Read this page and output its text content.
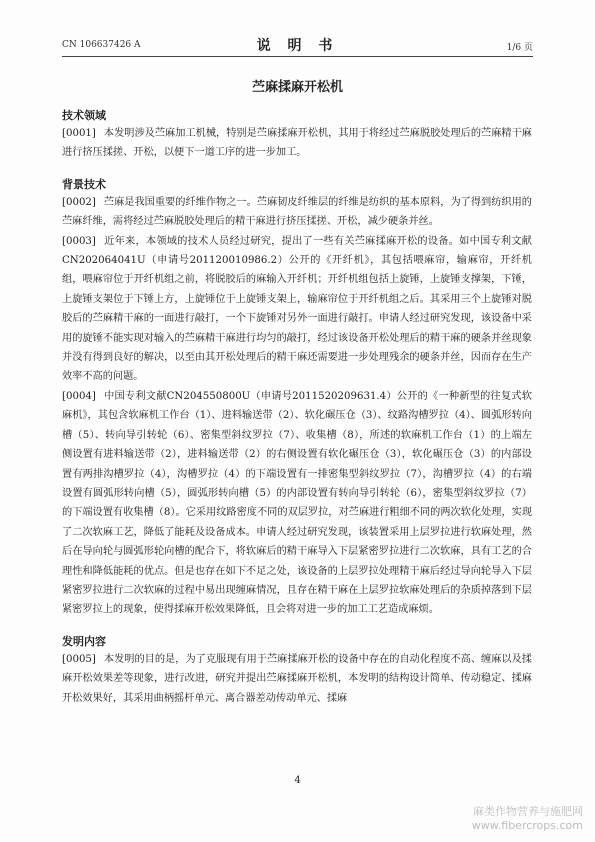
CN 106637426 A	说 明 书	1/6 页
苎麻揉麻开松机

技术领域

[0001] 本发明涉及苎麻加工机械，特别是苎麻揉麻开松机，其用于将经过苎麻脱胶处理后的苎麻精干麻进行挤压揉搓、开松，以便下一道工序的进一步加工。

背景技术

[0002] 苎麻是我国重要的纤维作物之一。苎麻韧皮纤维层的纤维是纺织的基本原料，为了得到纺织用的苎麻纤维，需将经过苎麻脱胶处理后的精干麻进行挤压揉搓、开松，减少硬条并丝。

[0003] 近年来，本领域的技术人员经过研究，提出了一些有关苎麻揉麻开松的设备。如中国专利文献CN202064041U（申请号201120010986.2）公开的《开纤机》，其包括喂麻帘，输麻帘，开纤机组，喂麻帘位于开纤机组之前，将脱胶后的麻输入开纤机；开纤机组包括上旋锤，上旋锤支撑架，下锤，上旋锤支架位于下锤上方，上旋锤位于上旋锤支架上，输麻帘位于开纤机组之后。其采用三个上旋锤对脱胶后的苎麻精干麻的一面进行敲打，一个下旋锤对另外一面进行敲打。申请人经过研究发现，该设备中采用的旋锤不能实现对输入的苎麻精干麻进行均匀的敲打，经过该设备开松处理后的精干麻的硬条并丝现象并没有得到良好的解决，以至由其开松处理后的精干麻还需要进一步处理残余的硬条并丝，因而存在生产效率不高的问题。

[0004] 中国专利文献CN204550800U（申请号2011520209631.4）公开的《一种新型的往复式软麻机》，其包含软麻机工作台（1）、进料输送带（2）、软化碾压仓（3）、纹路沟槽罗拉（4）、圆弧形转向槽（5）、转向导引转轮（6）、密集型斜纹罗拉（7）、收集槽（8），所述的软麻机工作台（1）的上端左侧设置有进料输送带（2），进料输送带（2）的右侧设置有软化碾压仓（3），软化碾压仓（3）的内部设置有两排沟槽罗拉（4），沟槽罗拉（4）的下端设置有一排密集型斜纹罗拉（7），沟槽罗拉（4）的右端设置有圆弧形转向槽（5），圆弧形转向槽（5）的内部设置有转向导引转轮（6），密集型斜纹罗拉（7）的下端设置有收集槽（8）。它采用纹路密度不同的双层罗拉，对苎麻进行粗细不同的两次软化处理，实现了二次软麻工艺，降低了能耗及设备成本。申请人经过研究发现，该装置采用上层罗拉进行软麻处理，然后在导向轮与圆弧形轮向槽的配合下，将软麻后的精干麻导入下层紧密罗拉进行二次软麻，具有工艺的合理性和降低能耗的优点。但是也存在如下不足之处，该设备的上层罗拉处理精干麻后经过导向轮导入下层紧密罗拉进行二次软麻的过程中易出现缠麻情况，且存在精干麻在上层罗拉软麻处理后的杂质掉落到下层紧密罗拉上的现象，使得揉麻开松效果降低，且会将对进一步的加工工艺造成麻烦。

发明内容

[0005] 本发明的目的是，为了克服现有用于苎麻揉麻开松的设备中存在的自动化程度不高、缠麻以及揉麻开松效果差等现象，进行改进，研究并提出苎麻揉麻开松机，本发明的结构设计简单、传动稳定、揉麻开松效果好，其采用曲柄摇杆单元、离合器差动传动单元、揉麻

4
麻类作物营养与施肥网
www.fibercrops.com
